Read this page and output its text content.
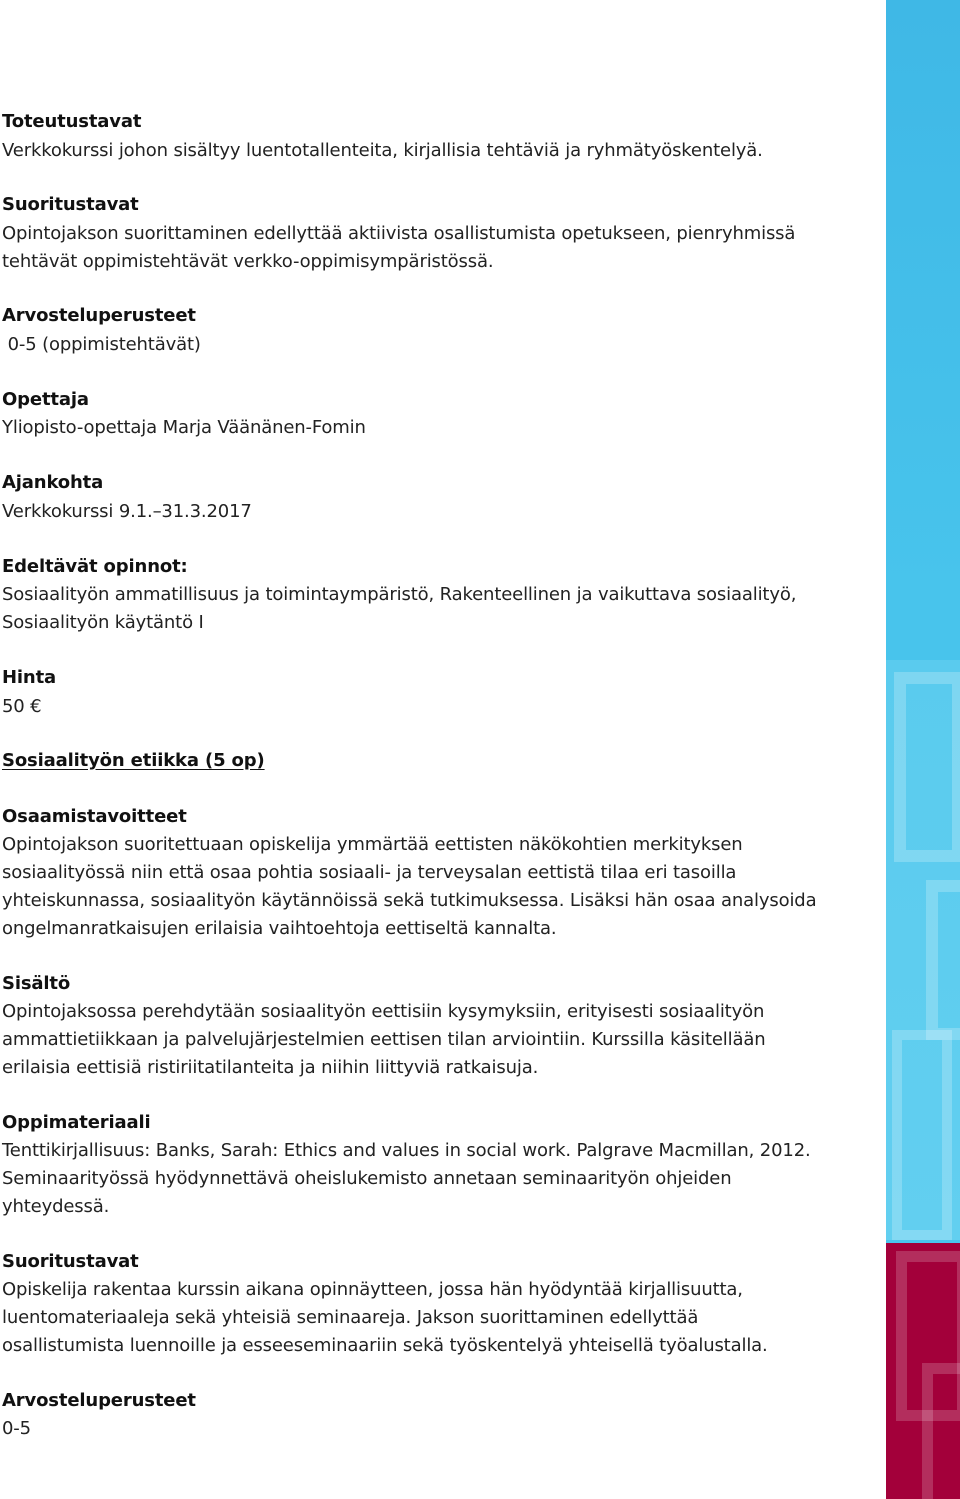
Toteutustavat
Verkkokurssi johon sisältyy luentotallenteita, kirjallisia tehtäviä ja ryhmätyöskentelyä.
Suoritustavat
Opintojakson suorittaminen edellyttää aktiivista osallistumista opetukseen, pienryhmissä
tehtävät oppimistehtävät verkko-oppimisympäristössä.
Arvosteluperusteet
0-5 (oppimistehtävät)
Opettaja
Yliopisto-opettaja Marja Väänänen-Fomin
Ajankohta
Verkkokurssi 9.1.–31.3.2017
Edeltävät opinnot:
Sosiaalityön ammatillisuus ja toimintaympäristö, Rakenteellinen ja vaikuttava sosiaalityö,
Sosiaalityön käytäntö I
Hinta
50 €
Sosiaalityön etiikka (5 op)
Osaamistavoitteet
Opintojakson suoritettuaan opiskelija ymmärtää eettisten näkökohtien merkityksen
sosiaalityössä niin että osaa pohtia sosiaali- ja terveysalan eettistä tilaa eri tasoilla
yhteiskunnassa, sosiaalityön käytännöissä sekä tutkimuksessa. Lisäksi hän osaa analysoida
ongelmanratkaisujen erilaisia vaihtoehtoja eettiseltä kannalta.
Sisältö
Opintojaksossa perehdytään sosiaalityön eettisiin kysymyksiin, erityisesti sosiaalityön
ammattietiikkaan ja palvelujärjestelmien eettisen tilan arviointiin. Kurssilla käsitellään
erilaisia eettisiä ristiriitatilanteita ja niihin liittyviä ratkaisuja.
Oppimateriaali
Tenttikirjallisuus: Banks, Sarah: Ethics and values in social work. Palgrave Macmillan, 2012.
Seminaarityössä hyödynnettävä oheislukemisto annetaan seminaarityön ohjeiden
yhteydessä.
Suoritustavat
Opiskelija rakentaa kurssin aikana opinnäytteen, jossa hän hyödyntää kirjallisuutta,
luentomateriaaleja sekä yhteisiä seminaareja. Jakson suorittaminen edellyttää
osallistumista luennoille ja esseeseminaariin sekä työskentelyä yhteisellä työalustalla.
Arvosteluperusteet
0-5
